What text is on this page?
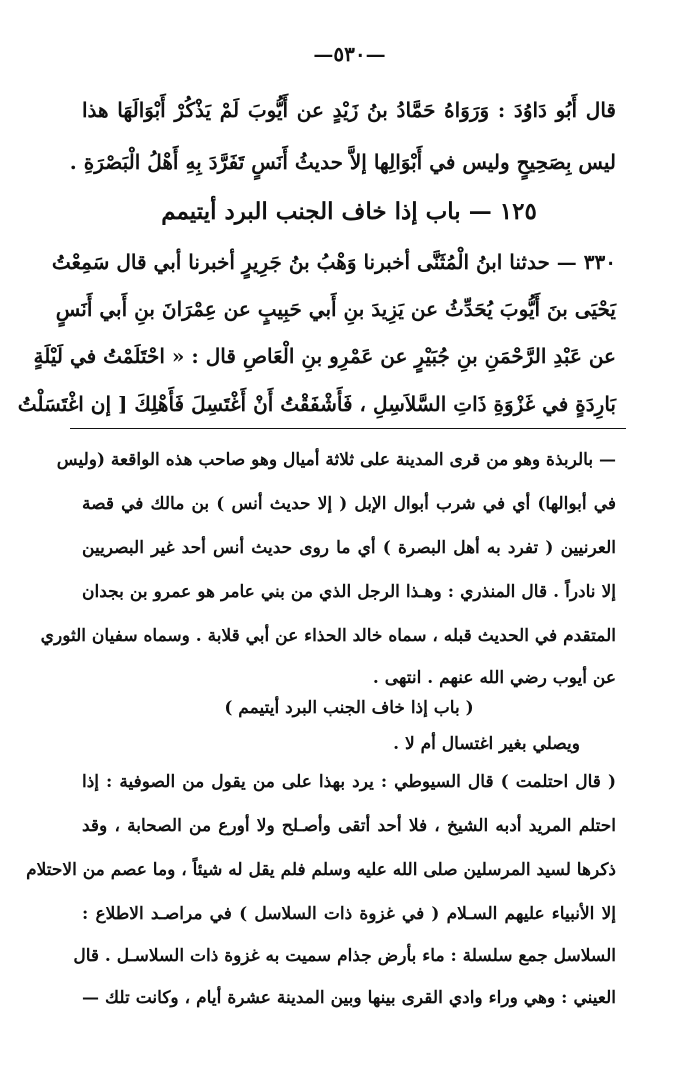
—٥٣٠—
قال أَبُو دَاوُدَ : وَرَوَاهُ حَمَّادُ بنُ زَيْدٍ عن أَيُّوبَ لَمْ يَذْكُرْ أَبْوَالَهَا هذا
ليس بِصَحِيحٍ وليس في أَبْوَالِها إلاَّ حديثُ أَنَسٍ تَفَرَّدَ بِهِ أَهْلُ الْبَصْرَةِ .
١٢٥ — باب إذا خاف الجنب البرد أيتيمم
٣٣٠ — حدثنا ابنُ الْمُثَنَّى أخبرنا وَهْبُ بنُ جَرِيرٍ أخبرنا أبي قال سَمِعْتُ
يَحْيَى بنَ أَيُّوبَ يُحَدِّثُ عن يَزِيدَ بنِ أَبي حَبِيبٍ عن عِمْرَانَ بنِ أَبي أَنَسٍ
عن عَبْدِ الرَّحْمَنِ بنِ جُبَيْرٍ عن عَمْرِو بنِ الْعَاصِ قال : « احْتَلَمْتُ في لَيْلَةٍ
بَارِدَةٍ في غَزْوَةِ ذَاتِ السَّلاَسِلِ ، فَأَشْفَقْتُ أَنْ أَغْتَسِلَ فَأَهْلِكَ [ إن اغْتَسَلْتُ
— بالربذة وهو من قرى المدينة على ثلاثة أميال وهو صاحب هذه الواقعة (وليس
في أبوالها) أي في شرب أبوال الإبل ( إلا حديث أنس ) بن مالك في قصة
العرنيين ( تفرد به أهل البصرة ) أي ما روى حديث أنس أحد غير البصريين
إلا نادراً . قال المنذري : وهـذا الرجل الذي من بني عامر هو عمرو بن بجدان
المتقدم في الحديث قبله ، سماه خالد الحذاء عن أبي قلابة . وسماه سفيان الثوري
عن أيوب رضي الله عنهم . انتهى .
( باب إذا خاف الجنب البرد أيتيمم )
ويصلي بغير اغتسال أم لا .
( قال احتلمت ) قال السيوطي : يرد بهذا على من يقول من الصوفية : إذا
احتلم المريد أدبه الشيخ ، فلا أحد أتقى وأصـلح ولا أورع من الصحابة ، وقد
ذكرها لسيد المرسلين صلى الله عليه وسلم فلم يقل له شيئاً ، وما عصم من الاحتلام
إلا الأنبياء عليهم السـلام ( في غزوة ذات السلاسل ) في مراصـد الاطلاع :
السلاسل جمع سلسلة : ماء بأرض جذام سميت به غزوة ذات السلاسـل . قال
العيني : وهي وراء وادي القرى بينها وبين المدينة عشرة أيام ، وكانت تلك —
